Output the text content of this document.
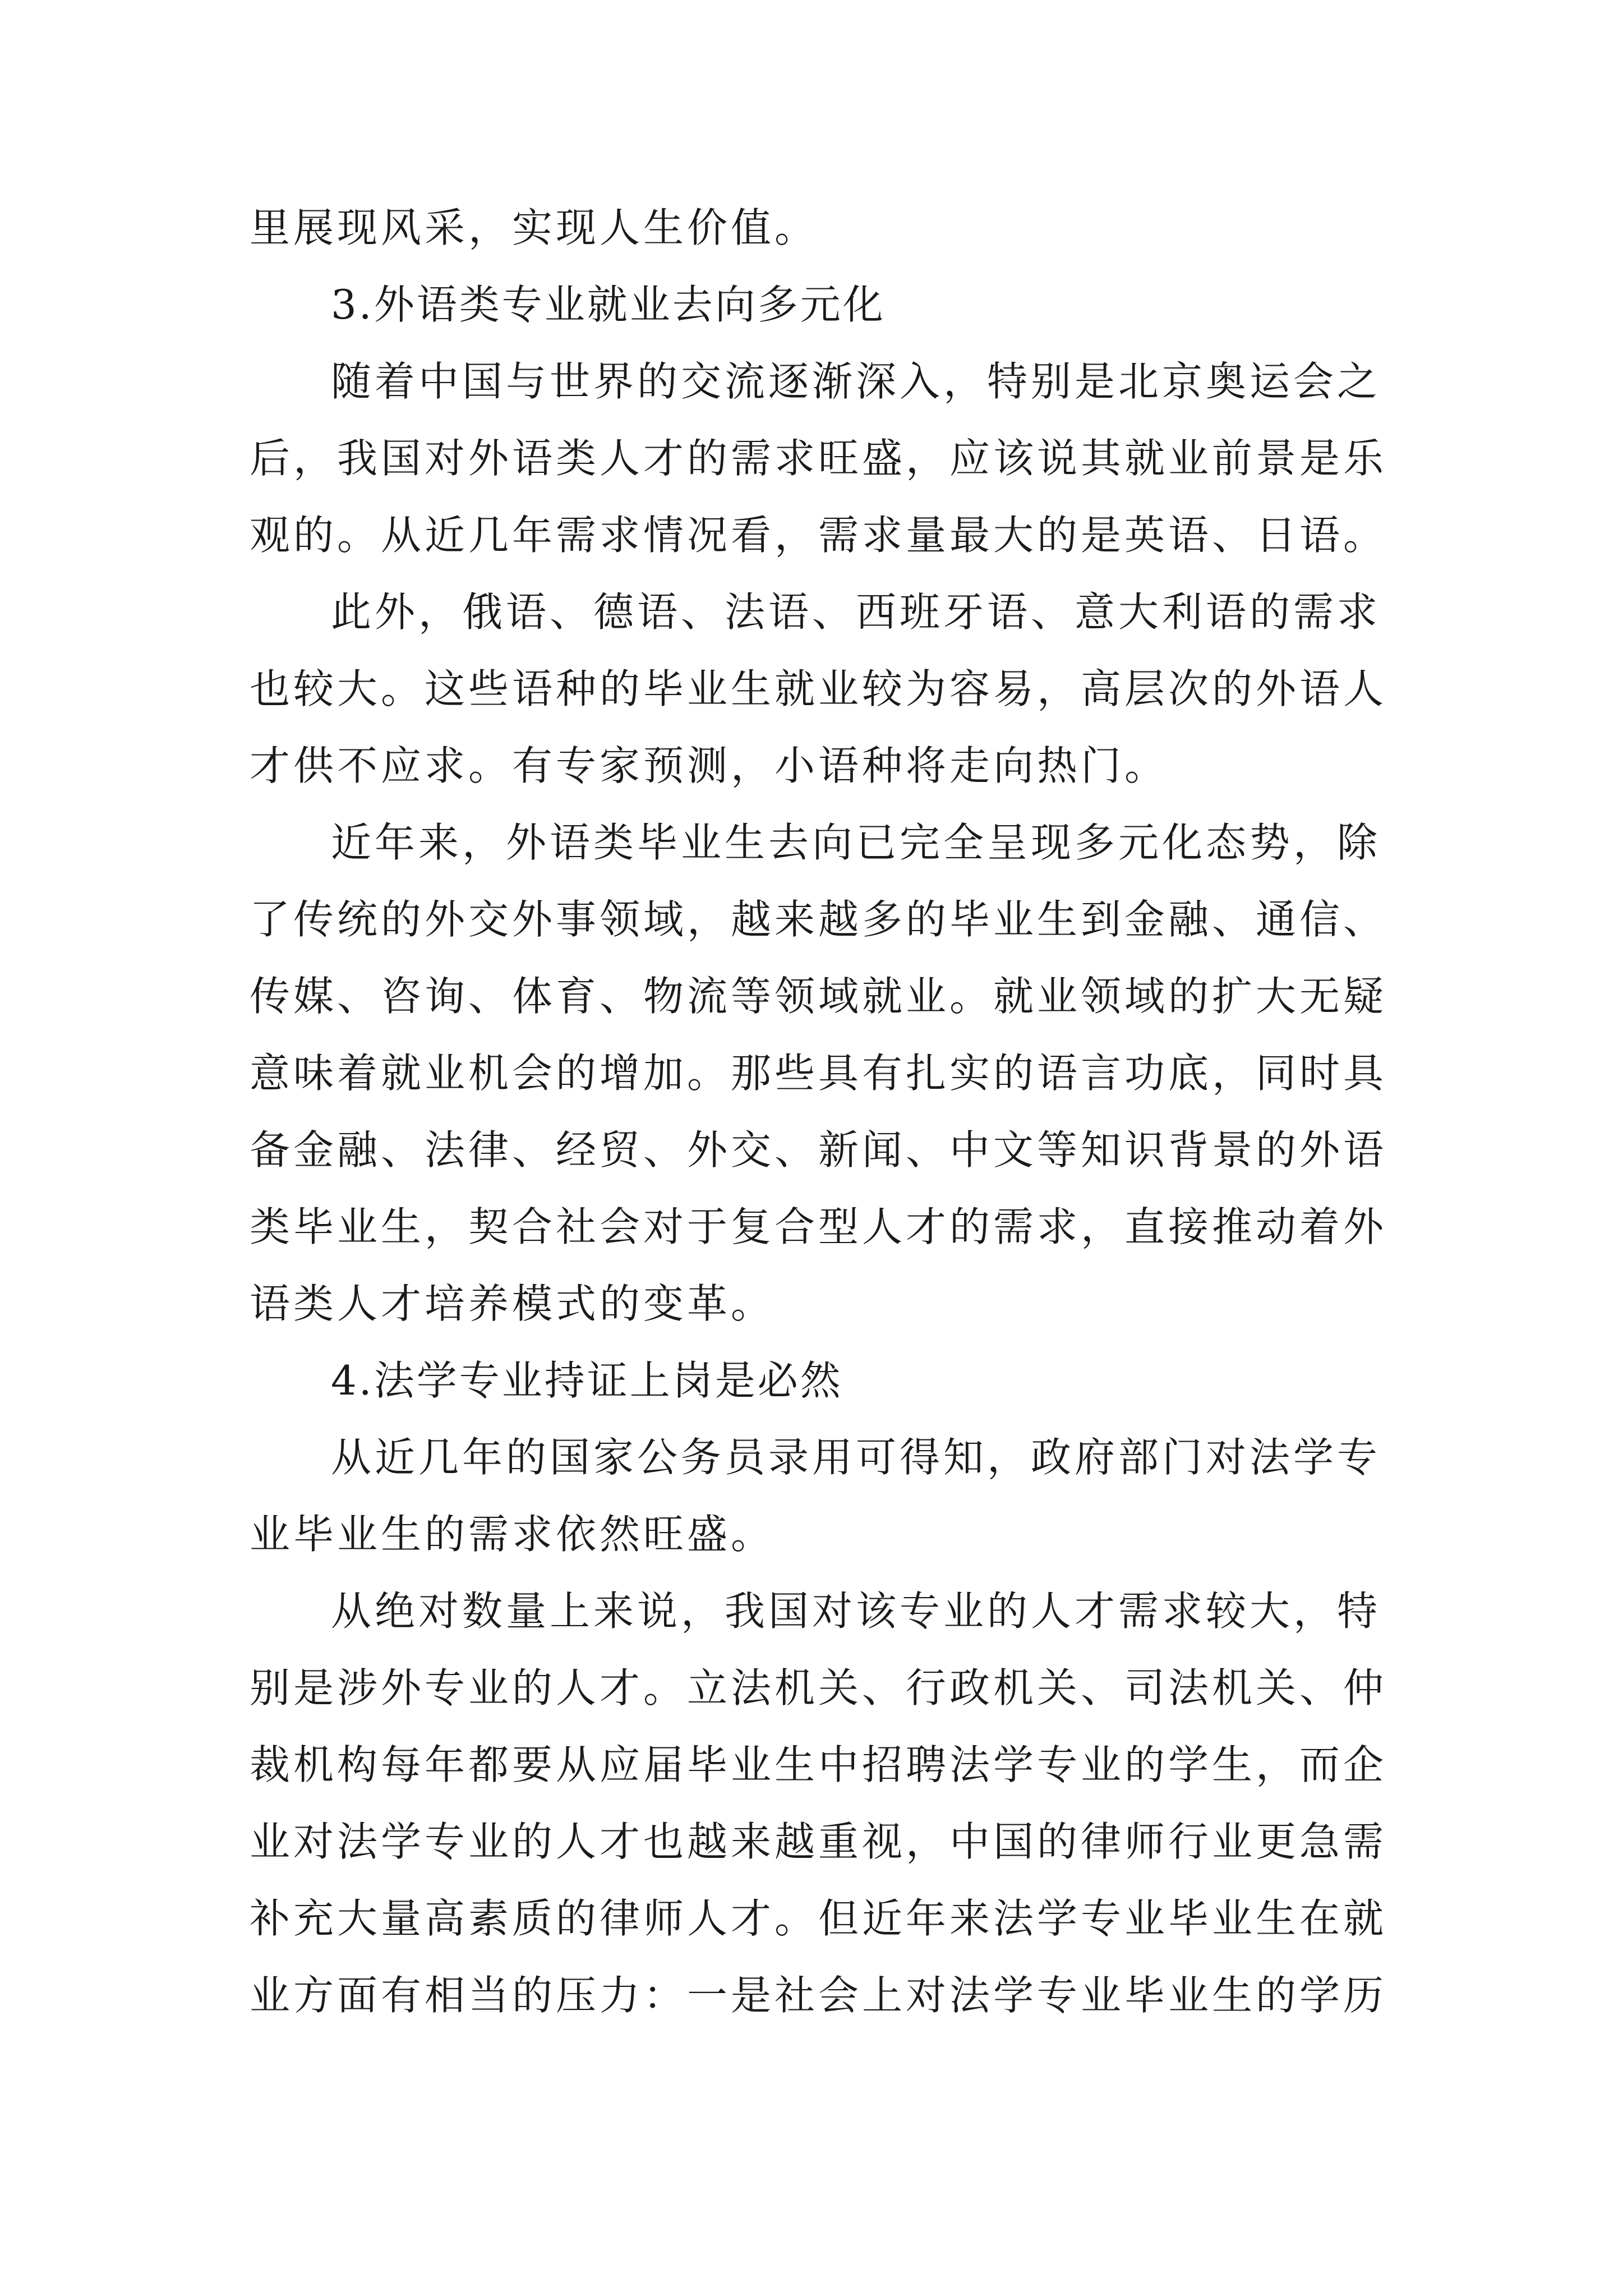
里展现风采，实现人生价值。
3.外语类专业就业去向多元化
随着中国与世界的交流逐渐深入，特别是北京奥运会之
后，我国对外语类人才的需求旺盛，应该说其就业前景是乐
观的。从近几年需求情况看，需求量最大的是英语、日语。
此外，俄语、德语、法语、西班牙语、意大利语的需求
也较大。这些语种的毕业生就业较为容易，高层次的外语人
才供不应求。有专家预测，小语种将走向热门。
近年来，外语类毕业生去向已完全呈现多元化态势，除
了传统的外交外事领域，越来越多的毕业生到金融、通信、
传媒、咨询、体育、物流等领域就业。就业领域的扩大无疑
意味着就业机会的增加。那些具有扎实的语言功底，同时具
备金融、法律、经贸、外交、新闻、中文等知识背景的外语
类毕业生，契合社会对于复合型人才的需求，直接推动着外
语类人才培养模式的变革。
4.法学专业持证上岗是必然
从近几年的国家公务员录用可得知，政府部门对法学专
业毕业生的需求依然旺盛。
从绝对数量上来说，我国对该专业的人才需求较大，特
别是涉外专业的人才。立法机关、行政机关、司法机关、仲
裁机构每年都要从应届毕业生中招聘法学专业的学生，而企
业对法学专业的人才也越来越重视，中国的律师行业更急需
补充大量高素质的律师人才。但近年来法学专业毕业生在就
业方面有相当的压力：一是社会上对法学专业毕业生的学历
